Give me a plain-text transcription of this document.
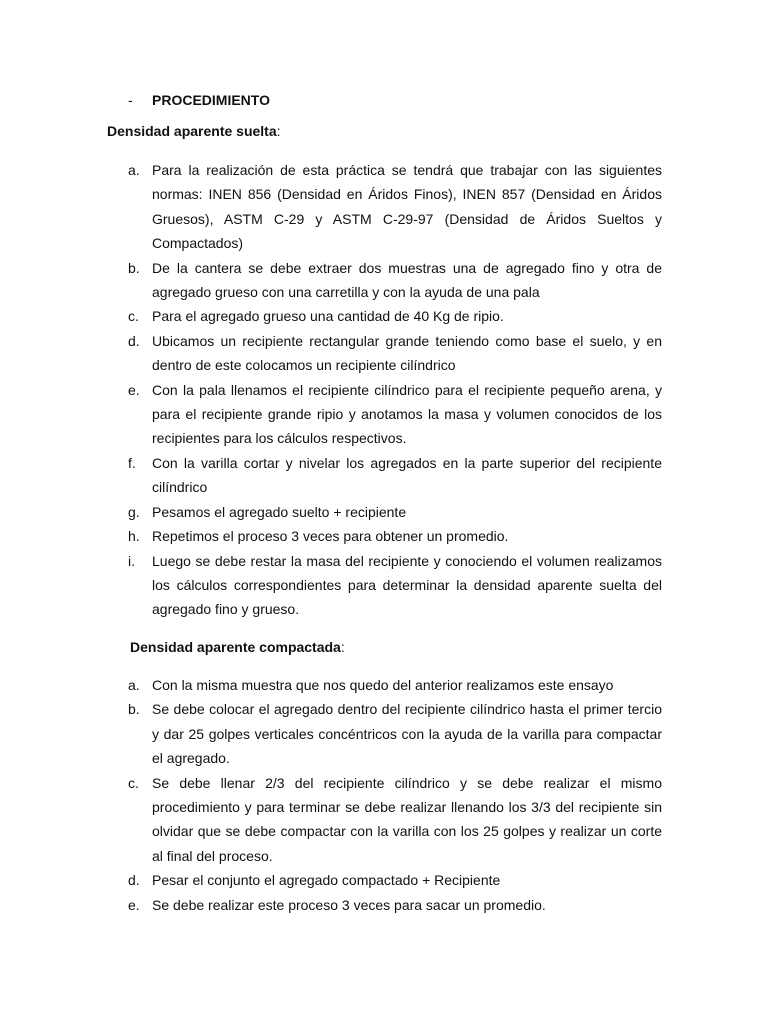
- PROCEDIMIENTO
Densidad aparente suelta:
a. Para la realización de esta práctica se tendrá que trabajar con las siguientes normas: INEN 856 (Densidad en Áridos Finos), INEN 857 (Densidad en Áridos Gruesos), ASTM C-29 y ASTM C-29-97 (Densidad de Áridos Sueltos y Compactados)
b. De la cantera se debe extraer dos muestras una de agregado fino y otra de agregado grueso con una carretilla y con la ayuda de una pala
c. Para el agregado grueso una cantidad de 40 Kg de ripio.
d. Ubicamos un recipiente rectangular grande teniendo como base el suelo, y en dentro de este colocamos un recipiente cilíndrico
e. Con la pala llenamos el recipiente cilíndrico para el recipiente pequeño arena, y para el recipiente grande ripio y anotamos la masa y volumen conocidos de los recipientes para los cálculos respectivos.
f.	Con la varilla cortar y nivelar los agregados en la parte superior del recipiente cilíndrico
g. Pesamos el agregado suelto + recipiente
h. Repetimos el proceso 3 veces para obtener un promedio.
i.	Luego se debe restar la masa del recipiente y conociendo el volumen realizamos los cálculos correspondientes para determinar la densidad aparente suelta del agregado fino y grueso.
Densidad aparente compactada:
a. Con la misma muestra que nos quedo del anterior realizamos este ensayo
b. Se debe colocar el agregado dentro del recipiente cilíndrico hasta el primer tercio y dar 25 golpes verticales concéntricos con la ayuda de la varilla para compactar el agregado.
c. Se debe llenar 2/3 del recipiente cilíndrico y se debe realizar el mismo procedimiento y para terminar se debe realizar llenando los 3/3 del recipiente sin olvidar que se debe compactar con la varilla con los 25 golpes y realizar un corte al final del proceso.
d. Pesar el conjunto el agregado compactado + Recipiente
e. Se debe realizar este proceso 3 veces para sacar un promedio.
